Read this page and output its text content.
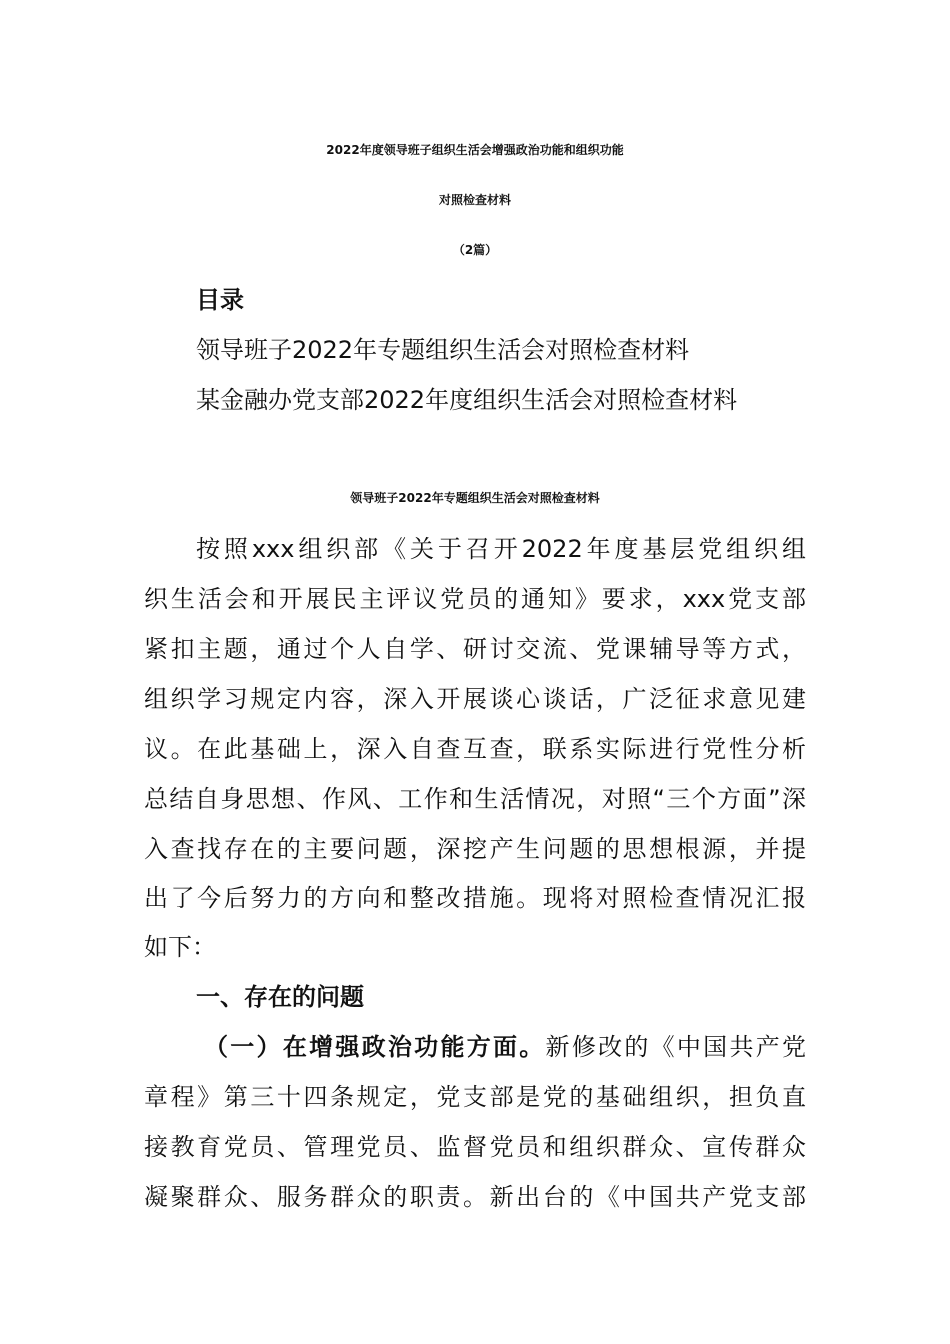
2022年度领导班子组织生活会增强政治功能和组织功能
对照检查材料
（2篇）
目录
领导班子2022年专题组织生活会对照检查材料
某金融办党支部2022年度组织生活会对照检查材料
领导班子2022年专题组织生活会对照检查材料
按照xxx组织部《关于召开2022年度基层党组织组
织生活会和开展民主评议党员的通知》要求，xxx党支部
紧扣主题，通过个人自学、研讨交流、党课辅导等方式，
组织学习规定内容，深入开展谈心谈话，广泛征求意见建
议。在此基础上，深入自查互查，联系实际进行党性分析
总结自身思想、作风、工作和生活情况，对照“三个方面”深
入查找存在的主要问题，深挖产生问题的思想根源，并提
出了今后努力的方向和整改措施。现将对照检查情况汇报
如下：
一、存在的问题
（一）在增强政治功能方面。新修改的《中国共产党
章程》第三十四条规定，党支部是党的基础组织，担负直
接教育党员、管理党员、监督党员和组织群众、宣传群众
凝聚群众、服务群众的职责。新出台的《中国共产党支部
